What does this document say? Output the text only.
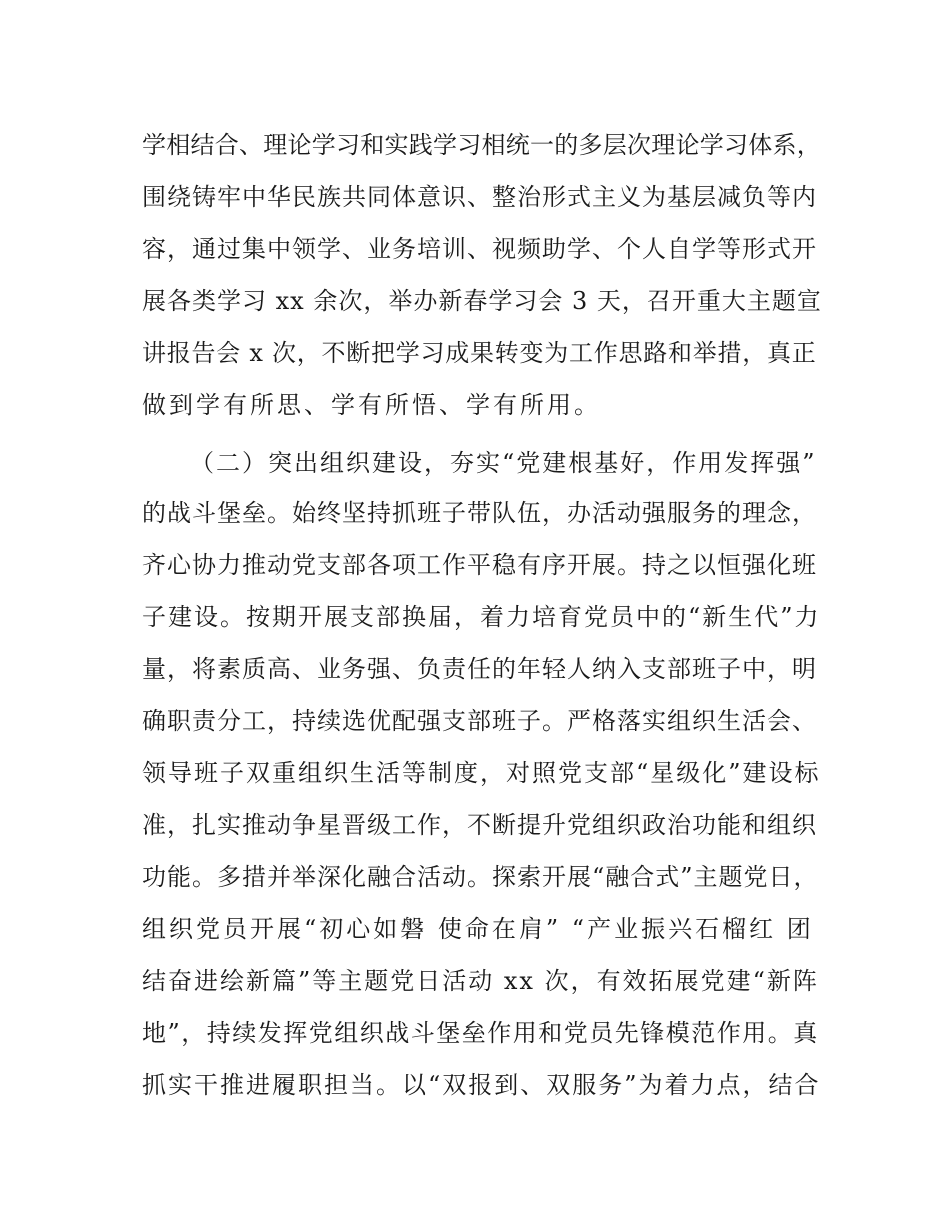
学相结合、理论学习和实践学习相统一的多层次理论学习体系，
围绕铸牢中华民族共同体意识、整治形式主义为基层减负等内
容，通过集中领学、业务培训、视频助学、个人自学等形式开
展各类学习 xx 余次，举办新春学习会 3 天，召开重大主题宣
讲报告会 x 次，不断把学习成果转变为工作思路和举措，真正
做到学有所思、学有所悟、学有所用。
（二）突出组织建设，夯实“党建根基好，作用发挥强”
的战斗堡垒。始终坚持抓班子带队伍，办活动强服务的理念，
齐心协力推动党支部各项工作平稳有序开展。持之以恒强化班
子建设。按期开展支部换届，着力培育党员中的“新生代”力
量，将素质高、业务强、负责任的年轻人纳入支部班子中，明
确职责分工，持续选优配强支部班子。严格落实组织生活会、
领导班子双重组织生活等制度，对照党支部“星级化”建设标
准，扎实推动争星晋级工作，不断提升党组织政治功能和组织
功能。多措并举深化融合活动。探索开展“融合式”主题党日，
组织党员开展“初心如磐 使命在肩” “产业振兴石榴红 团
结奋进绘新篇”等主题党日活动 xx 次，有效拓展党建“新阵
地”，持续发挥党组织战斗堡垒作用和党员先锋模范作用。真
抓实干推进履职担当。以“双报到、双服务”为着力点，结合
